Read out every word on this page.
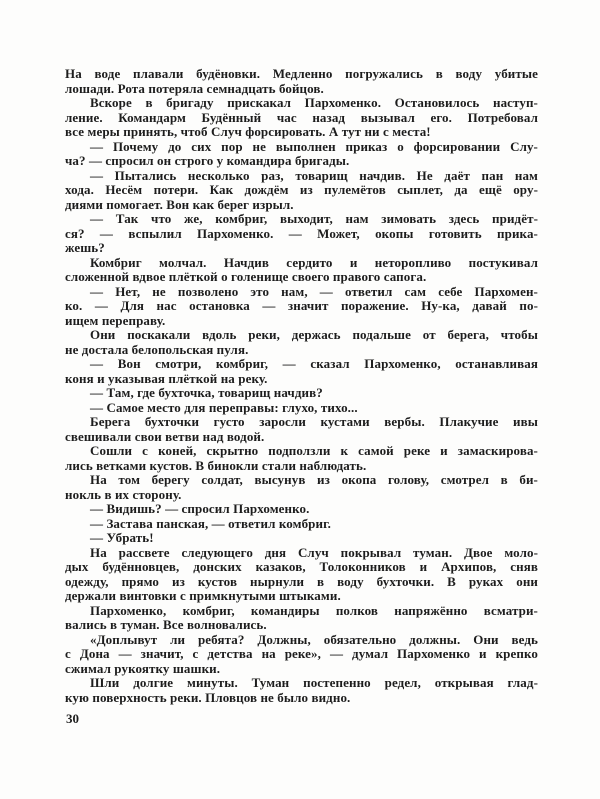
На воде плавали будёновки. Медленно погружались в воду убитые
лошади. Рота потеряла семнадцать бойцов.

Вскоре в бригаду прискакал Пархоменко. Остановилось наступ-
ление. Командарм Будённый час назад вызывал его. Потребовал
все меры принять, чтоб Случ форсировать. А тут ни с места!

— Почему до сих пор не выполнен приказ о форсировании Слу-
ча? — спросил он строго у командира бригады.

— Пытались несколько раз, товарищ начдив. Не даёт пан нам
хода. Несём потери. Как дождём из пулемётов сыплет, да ещё ору-
диями помогает. Вон как берег изрыл.

— Так что же, комбриг, выходит, нам зимовать здесь придёт-
ся? — вспылил Пархоменко. — Может, окопы готовить прика-
жешь?

Комбриг молчал. Начдив сердито и неторопливо постукивал
сложенной вдвое плёткой о голенище своего правого сапога.

— Нет, не позволено это нам, — ответил сам себе Пархомен-
ко. — Для нас остановка — значит поражение. Ну-ка, давай по-
ищем переправу.

Они поскакали вдоль реки, держась подальше от берега, чтобы
не достала белопольская пуля.

— Вон смотри, комбриг, — сказал Пархоменко, останавливая
коня и указывая плёткой на реку.

— Там, где бухточка, товарищ начдив?

— Самое место для переправы: глухо, тихо...

Берега бухточки густо заросли кустами вербы. Плакучие ивы
свешивали свои ветви над водой.

Сошли с коней, скрытно подползли к самой реке и замаскирова-
лись ветками кустов. В бинокли стали наблюдать.

На том берегу солдат, высунув из окопа голову, смотрел в би-
нокль в их сторону.

— Видишь? — спросил Пархоменко.

— Застава панская, — ответил комбриг.

— Убрать!

На рассвете следующего дня Случ покрывал туман. Двое моло-
дых будённовцев, донских казаков, Толоконников и Архипов, сняв
одежду, прямо из кустов нырнули в воду бухточки. В руках они
держали винтовки с примкнутыми штыками.

Пархоменко, комбриг, командиры полков напряжённо всматри-
вались в туман. Все волновались.

«Доплывут ли ребята? Должны, обязательно должны. Они ведь
с Дона — значит, с детства на реке», — думал Пархоменко и крепко
сжимал рукоятку шашки.

Шли долгие минуты. Туман постепенно редел, открывая глад-
кую поверхность реки. Пловцов не было видно.

30
